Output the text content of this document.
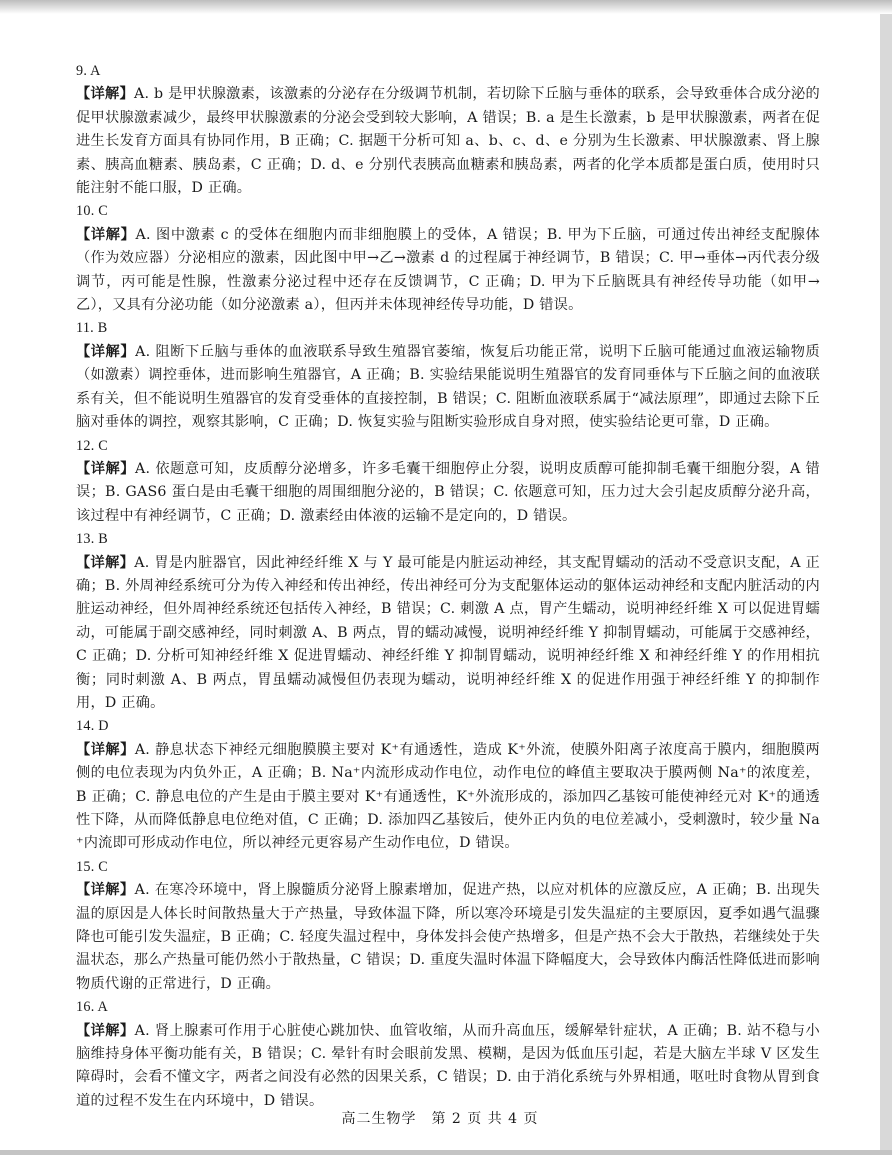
9. A
【详解】A. b 是甲状腺激素，该激素的分泌存在分级调节机制，若切除下丘脑与垂体的联系，会导致垂体合成分泌的促甲状腺激素减少，最终甲状腺激素的分泌会受到较大影响，A 错误；B. a 是生长激素，b 是甲状腺激素，两者在促进生长发育方面具有协同作用，B 正确；C. 据题干分析可知 a、b、c、d、e 分别为生长激素、甲状腺激素、肾上腺素、胰高血糖素、胰岛素，C 正确；D. d、e 分别代表胰高血糖素和胰岛素，两者的化学本质都是蛋白质，使用时只能注射不能口服，D 正确。
10. C
【详解】A. 图中激素 c 的受体在细胞内而非细胞膜上的受体，A 错误；B. 甲为下丘脑，可通过传出神经支配腺体（作为效应器）分泌相应的激素，因此图中甲→乙→激素 d 的过程属于神经调节，B 错误；C. 甲→垂体→丙代表分级调节，丙可能是性腺，性激素分泌过程中还存在反馈调节，C 正确；D. 甲为下丘脑既具有神经传导功能（如甲→乙），又具有分泌功能（如分泌激素 a），但丙并未体现神经传导功能，D 错误。
11. B
【详解】A. 阻断下丘脑与垂体的血液联系导致生殖器官萎缩，恢复后功能正常，说明下丘脑可能通过血液运输物质（如激素）调控垂体，进而影响生殖器官，A 正确；B. 实验结果能说明生殖器官的发育同垂体与下丘脑之间的血液联系有关，但不能说明生殖器官的发育受垂体的直接控制，B 错误；C. 阻断血液联系属于“减法原理”，即通过去除下丘脑对垂体的调控，观察其影响，C 正确；D. 恢复实验与阻断实验形成自身对照，使实验结论更可靠，D 正确。
12. C
【详解】A. 依题意可知，皮质醇分泌增多，许多毛囊干细胞停止分裂，说明皮质醇可能抑制毛囊干细胞分裂，A 错误；B. GAS6 蛋白是由毛囊干细胞的周围细胞分泌的，B 错误；C. 依题意可知，压力过大会引起皮质醇分泌升高，该过程中有神经调节，C 正确；D. 激素经由体液的运输不是定向的，D 错误。
13. B
【详解】A. 胃是内脏器官，因此神经纤维 X 与 Y 最可能是内脏运动神经，其支配胃蠕动的活动不受意识支配，A 正确；B. 外周神经系统可分为传入神经和传出神经，传出神经可分为支配躯体运动的躯体运动神经和支配内脏活动的内脏运动神经，但外周神经系统还包括传入神经，B 错误；C. 刺激 A 点，胃产生蠕动，说明神经纤维 X 可以促进胃蠕动，可能属于副交感神经，同时刺激 A、B 两点，胃的蠕动减慢，说明神经纤维 Y 抑制胃蠕动，可能属于交感神经，C 正确；D. 分析可知神经纤维 X 促进胃蠕动、神经纤维 Y 抑制胃蠕动，说明神经纤维 X 和神经纤维 Y 的作用相抗衡；同时刺激 A、B 两点，胃虽蠕动减慢但仍表现为蠕动，说明神经纤维 X 的促进作用强于神经纤维 Y 的抑制作用，D 正确。
14. D
【详解】A. 静息状态下神经元细胞膜膜主要对 K⁺有通透性，造成 K⁺外流，使膜外阳离子浓度高于膜内，细胞膜两侧的电位表现为内负外正，A 正确；B. Na⁺内流形成动作电位，动作电位的峰值主要取决于膜两侧 Na⁺的浓度差，B 正确；C. 静息电位的产生是由于膜主要对 K⁺有通透性，K⁺外流形成的，添加四乙基铵可能使神经元对 K⁺的通透性下降，从而降低静息电位绝对值，C 正确；D. 添加四乙基铵后，使外正内负的电位差减小，受刺激时，较少量 Na⁺内流即可形成动作电位，所以神经元更容易产生动作电位，D 错误。
15. C
【详解】A. 在寒冷环境中，肾上腺髓质分泌肾上腺素增加，促进产热，以应对机体的应激反应，A 正确；B. 出现失温的原因是人体长时间散热量大于产热量，导致体温下降，所以寒冷环境是引发失温症的主要原因，夏季如遇气温骤降也可能引发失温症，B 正确；C. 轻度失温过程中，身体发抖会使产热增多，但是产热不会大于散热，若继续处于失温状态，那么产热量可能仍然小于散热量，C 错误；D. 重度失温时体温下降幅度大，会导致体内酶活性降低进而影响物质代谢的正常进行，D 正确。
16. A
【详解】A. 肾上腺素可作用于心脏使心跳加快、血管收缩，从而升高血压，缓解晕针症状，A 正确；B. 站不稳与小脑维持身体平衡功能有关，B 错误；C. 晕针有时会眼前发黑、模糊，是因为低血压引起，若是大脑左半球 V 区发生障碍时，会看不懂文字，两者之间没有必然的因果关系，C 错误；D. 由于消化系统与外界相通，呕吐时食物从胃到食道的过程不发生在内环境中，D 错误。
高二生物学　第 2 页 共 4 页
